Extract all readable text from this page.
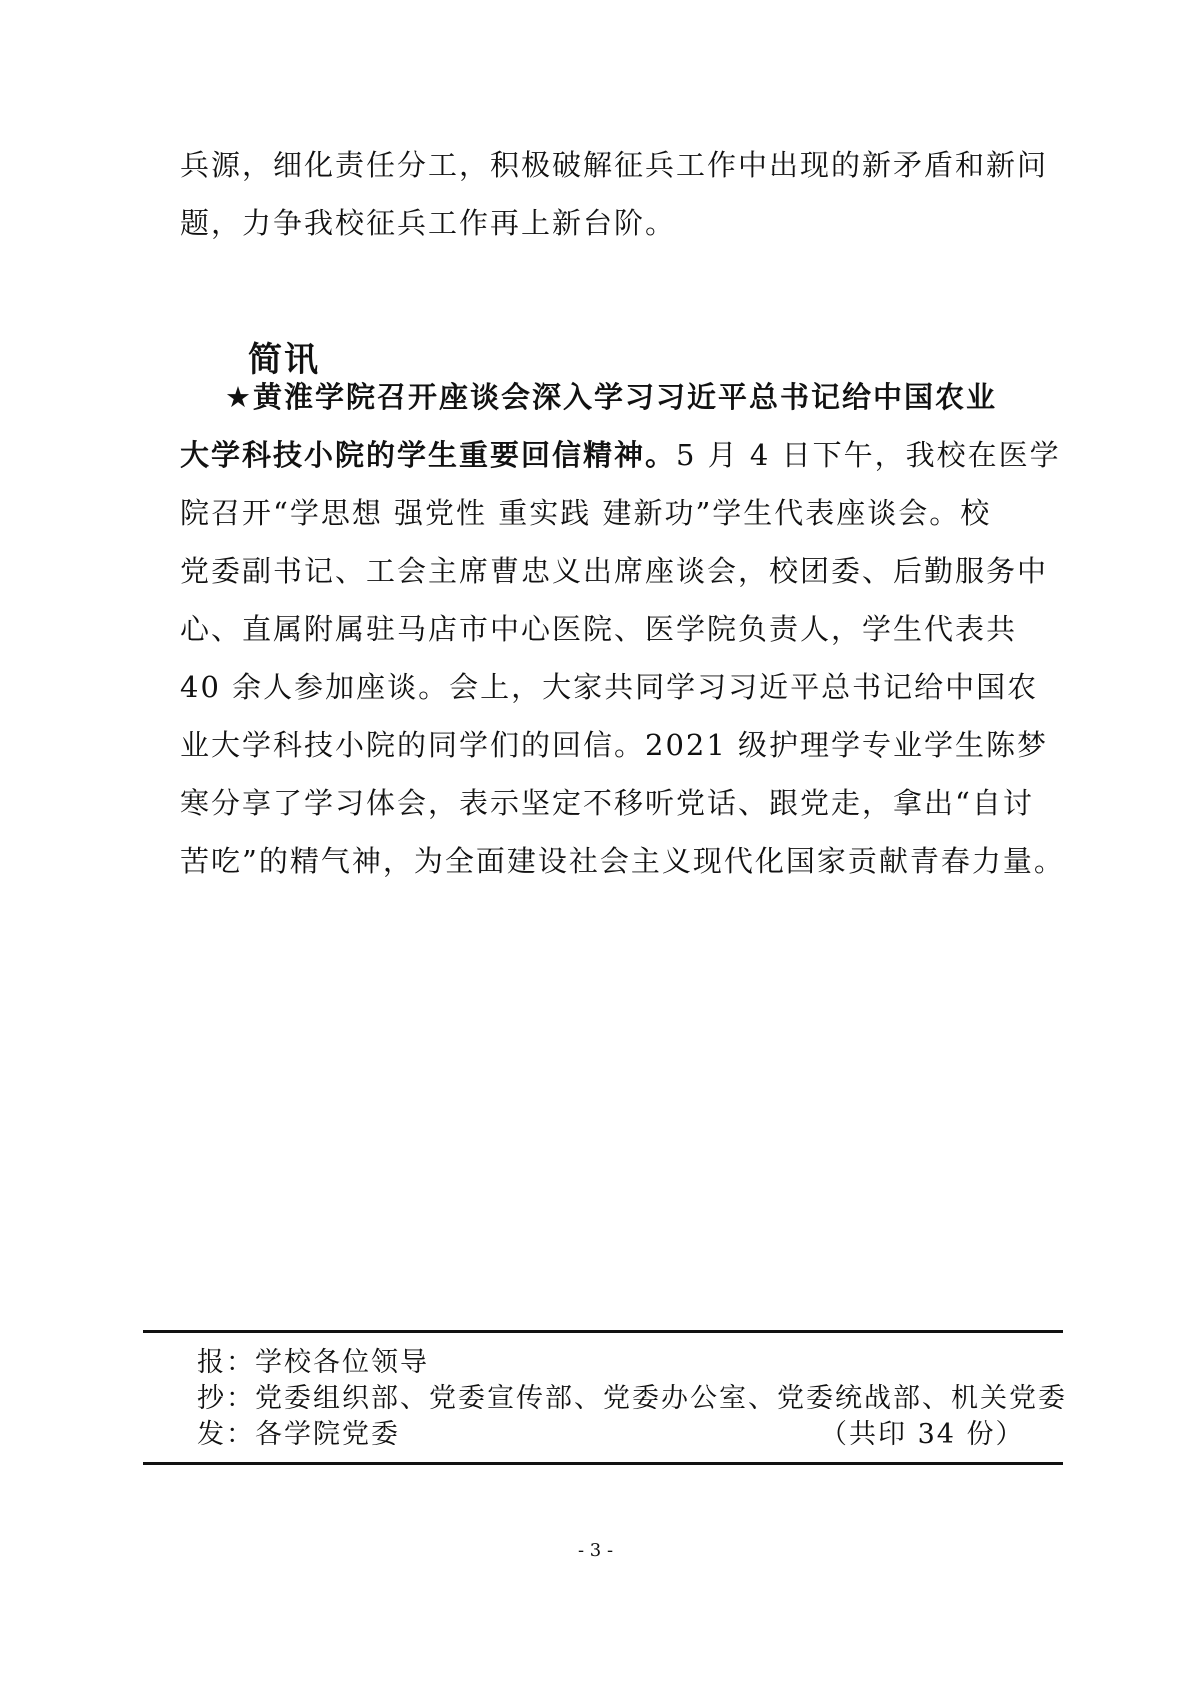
兵源，细化责任分工，积极破解征兵工作中出现的新矛盾和新问
题，力争我校征兵工作再上新台阶。
简讯
★黄淮学院召开座谈会深入学习习近平总书记给中国农业
大学科技小院的学生重要回信精神。5 月 4 日下午，我校在医学
院召开“学思想 强党性 重实践 建新功”学生代表座谈会。校
党委副书记、工会主席曹忠义出席座谈会，校团委、后勤服务中
心、直属附属驻马店市中心医院、医学院负责人，学生代表共
40 余人参加座谈。会上，大家共同学习习近平总书记给中国农
业大学科技小院的同学们的回信。2021 级护理学专业学生陈梦
寒分享了学习体会，表示坚定不移听党话、跟党走，拿出“自讨
苦吃”的精气神，为全面建设社会主义现代化国家贡献青春力量。
报：学校各位领导
抄：党委组织部、党委宣传部、党委办公室、党委统战部、机关党委
发：各学院党委	（共印 34 份）
- 3 -
